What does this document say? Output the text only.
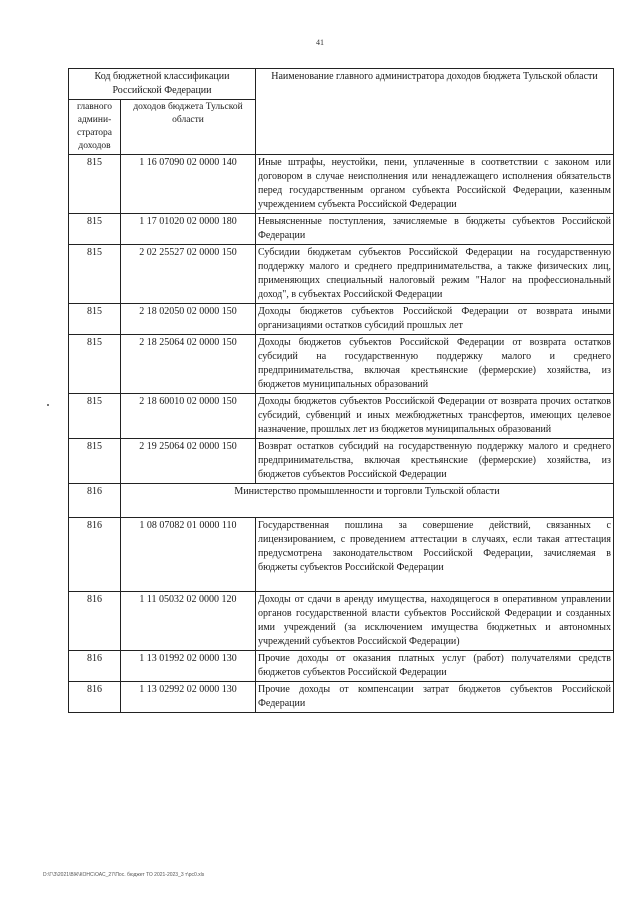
41
Код бюджетной классификации Российской Федерации		Наименование главного администратора доходов бюджета Тульской области
главного админи-стратора доходов	доходов бюджета Тульской области	
815	1 16 07090 02 0000 140	Иные штрафы, неустойки, пени, уплаченные в соответствии с законом или договором в случае неисполнения или ненадлежащего исполнения обязательств перед государственным органом субъекта Российской Федерации, казенным учреждением субъекта Российской Федерации
815	1 17 01020 02 0000 180	Невыясненные поступления, зачисляемые в бюджеты субъектов Российской Федерации
815	2 02 25527 02 0000 150	Субсидии бюджетам субъектов Российской Федерации на государственную поддержку малого и среднего предпринимательства, а также физических лиц, применяющих специальный налоговый режим "Налог на профессиональный доход", в субъектах Российской Федерации
815	2 18 02050 02 0000 150	Доходы бюджетов субъектов Российской Федерации от возврата иными организациями остатков субсидий прошлых лет
815	2 18 25064 02 0000 150	Доходы бюджетов субъектов Российской Федерации от возврата остатков субсидий на государственную поддержку малого и среднего предпринимательства, включая крестьянские (фермерские) хозяйства, из бюджетов муниципальных образований
815	2 18 60010 02 0000 150	Доходы бюджетов субъектов Российской Федерации от возврата прочих остатков субсидий, субвенций и иных межбюджетных трансфертов, имеющих целевое назначение, прошлых лет из бюджетов муниципальных образований
815	2 19 25064 02 0000 150	Возврат остатков субсидий на государственную поддержку малого и среднего предпринимательства, включая крестьянские (фермерские) хозяйства, из бюджетов субъектов Российской Федерации
816	Министерство промышленности и торговли Тульской области	
816	1 08 07082 01 0000 110	Государственная пошлина за совершение действий, связанных с лицензированием, с проведением аттестации в случаях, если такая аттестация предусмотрена законодательством Российской Федерации, зачисляемая в бюджеты субъектов Российской Федерации
816	1 11 05032 02 0000 120	Доходы от сдачи в аренду имущества, находящегося в оперативном управлении органов государственной власти субъектов Российской Федерации и созданных ими учреждений (за исключением имущества бюджетных и автономных учреждений субъектов Российской Федерации)
816	1 13 01992 02 0000 130	Прочие доходы от оказания платных услуг (работ) получателями средств бюджетов субъектов Российской Федерации
816	1 13 02992 02 0000 130	Прочие доходы от компенсации затрат бюджетов субъектов Российской Федерации
D:\Г\З\2021\ВЖ\КОНС\ОАС_27\Пос. бюджет ТО 2021-2023_3 т\рс0.xls
